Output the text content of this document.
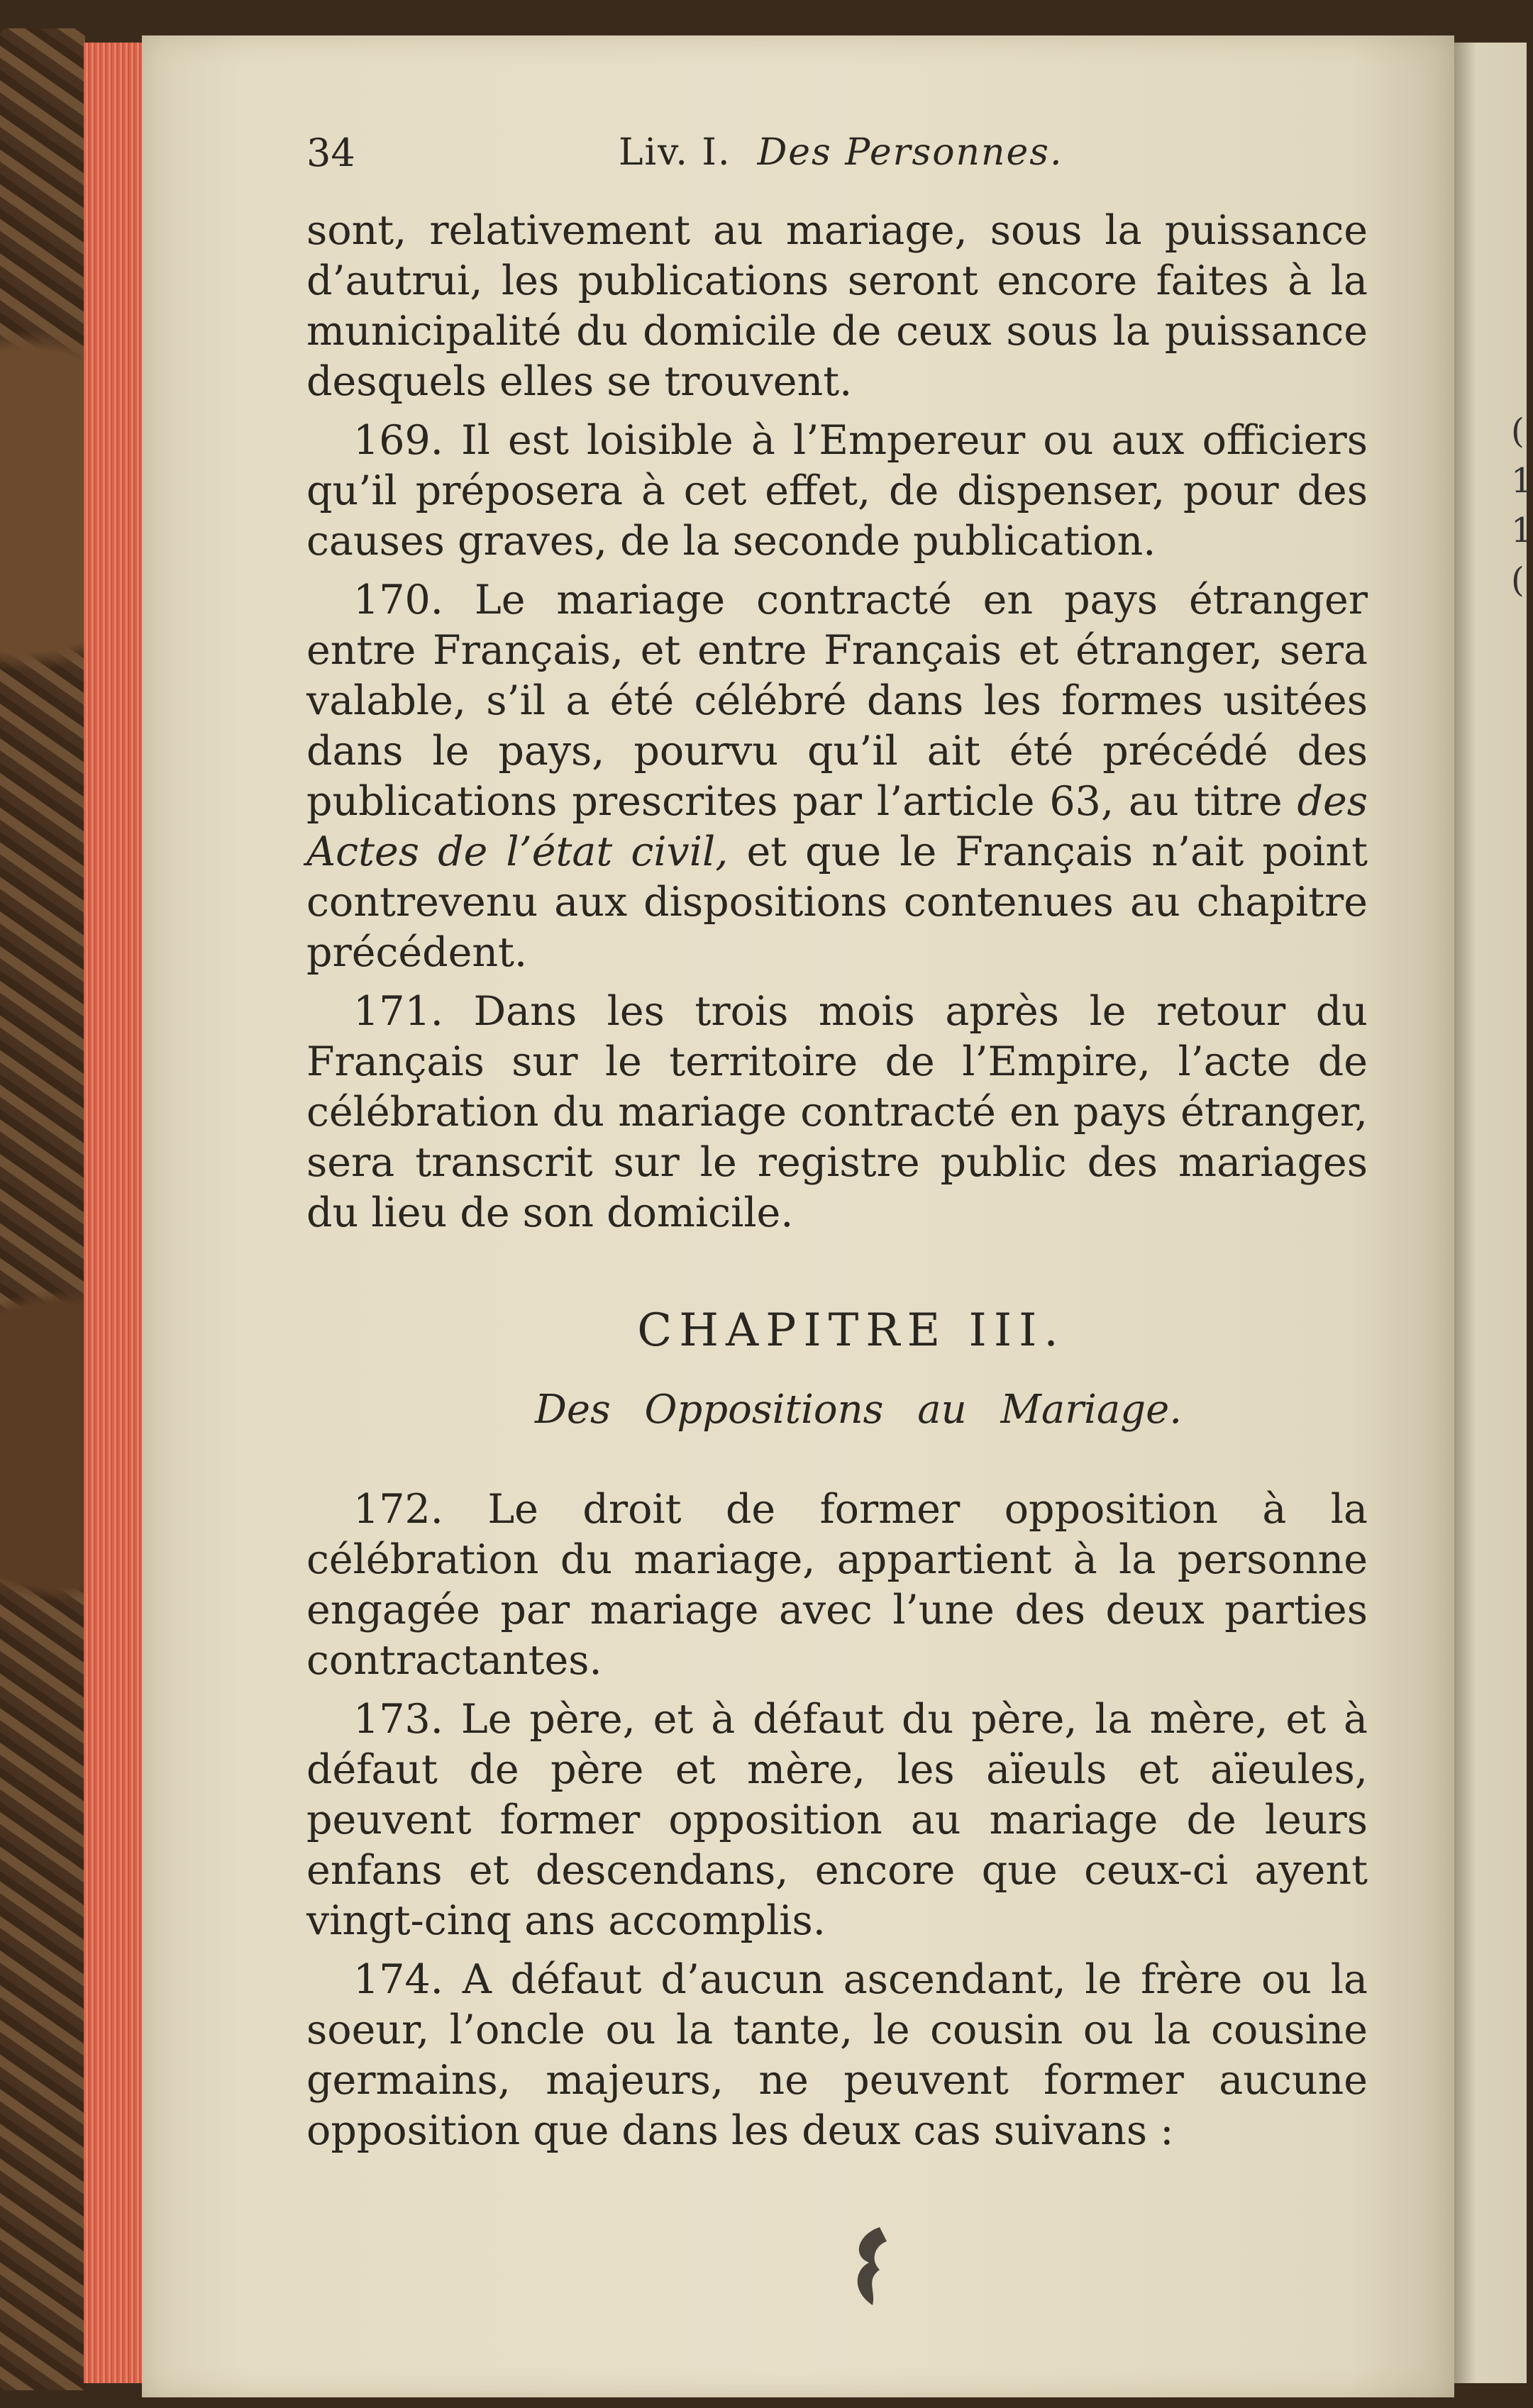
(
1
1
(
34	Liv. I. Des Personnes.

sont, relativement au mariage, sous la puissance d’autrui, les publications seront encore faites à la municipalité du domicile de ceux sous la puissance desquels elles se trouvent.

169. Il est loisible à l’Empereur ou aux officiers qu’il préposera à cet effet, de dispenser, pour des causes graves, de la seconde publication.

170. Le mariage contracté en pays étranger entre Français, et entre Français et étranger, sera valable, s’il a été célébré dans les formes usitées dans le pays, pourvu qu’il ait été précédé des publications prescrites par l’article 63, au titre des Actes de l’état civil, et que le Français n’ait point contrevenu aux dispositions contenues au chapitre précédent.

171. Dans les trois mois après le retour du Français sur le territoire de l’Empire, l’acte de célébration du mariage contracté en pays étranger, sera transcrit sur le registre public des mariages du lieu de son domicile.

CHAPITRE III.
Des Oppositions au Mariage.

172. Le droit de former opposition à la célébration du mariage, appartient à la personne engagée par mariage avec l’une des deux parties contractantes.

173. Le père, et à défaut du père, la mère, et à défaut de père et mère, les aïeuls et aïeules, peuvent former opposition au mariage de leurs enfans et descendans, encore que ceux-ci ayent vingt-cinq ans accomplis.

174. A défaut d’aucun ascendant, le frère ou la soeur, l’oncle ou la tante, le cousin ou la cousine germains, majeurs, ne peuvent former aucune opposition que dans les deux cas suivans :
